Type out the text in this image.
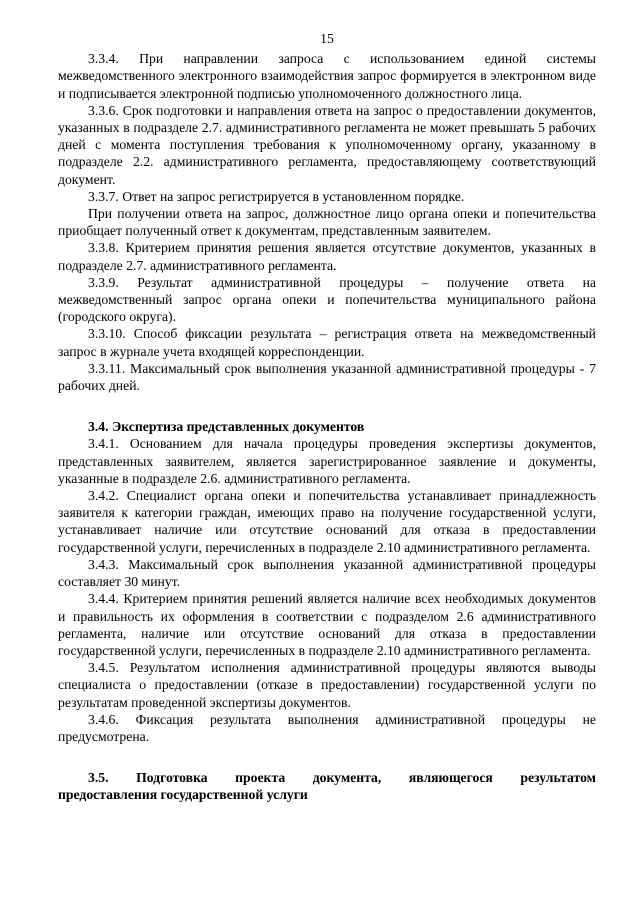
15

3.3.4. При направлении запроса с использованием единой системы межведомственного электронного взаимодействия запрос формируется в электронном виде и подписывается электронной подписью уполномоченного должностного лица.

3.3.6. Срок подготовки и направления ответа на запрос о предоставлении документов, указанных в подразделе 2.7. административного регламента не может превышать 5 рабочих дней с момента поступления требования к уполномоченному органу, указанному в подразделе 2.2. административного регламента, предоставляющему соответствующий документ.

3.3.7. Ответ на запрос регистрируется в установленном порядке.

При получении ответа на запрос, должностное лицо органа опеки и попечительства приобщает полученный ответ к документам, представленным заявителем.

3.3.8. Критерием принятия решения является отсутствие документов, указанных в подразделе 2.7. административного регламента.

3.3.9. Результат административной процедуры – получение ответа на межведомственный запрос органа опеки и попечительства муниципального района (городского округа).

3.3.10. Способ фиксации результата – регистрация ответа на межведомственный запрос в журнале учета входящей корреспонденции.

3.3.11. Максимальный срок выполнения указанной административной процедуры - 7 рабочих дней.

3.4. Экспертиза представленных документов

3.4.1. Основанием для начала процедуры проведения экспертизы документов, представленных заявителем, является зарегистрированное заявление и документы, указанные в подразделе 2.6. административного регламента.

3.4.2. Специалист органа опеки и попечительства устанавливает принадлежность заявителя к категории граждан, имеющих право на получение государственной услуги, устанавливает наличие или отсутствие оснований для отказа в предоставлении государственной услуги, перечисленных в подразделе 2.10 административного регламента.

3.4.3. Максимальный срок выполнения указанной административной процедуры составляет 30 минут.

3.4.4. Критерием принятия решений является наличие всех необходимых документов и правильность их оформления в соответствии с подразделом 2.6 административного регламента, наличие или отсутствие оснований для отказа в предоставлении государственной услуги, перечисленных в подразделе 2.10 административного регламента.

3.4.5. Результатом исполнения административной процедуры являются выводы специалиста о предоставлении (отказе в предоставлении) государственной услуги по результатам проведенной экспертизы документов.

3.4.6. Фиксация результата выполнения административной процедуры не предусмотрена.

3.5. Подготовка проекта документа, являющегося результатом

предоставления государственной услуги
